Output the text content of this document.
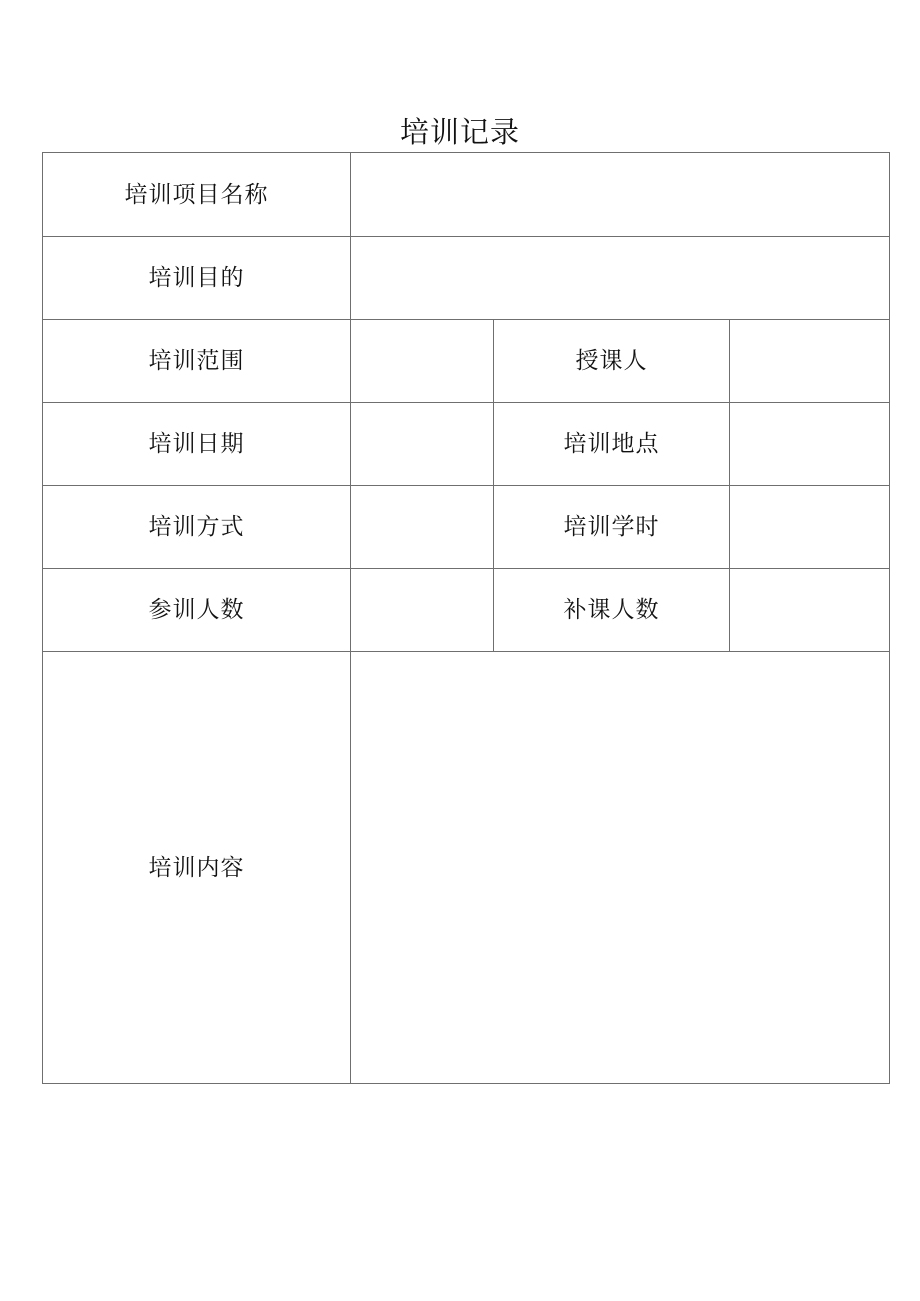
培训记录
培训项目名称			
培训目的			
培训范围		授课人	
培训日期		培训地点	
培训方式		培训学时	
参训人数		补课人数	
培训内容			
